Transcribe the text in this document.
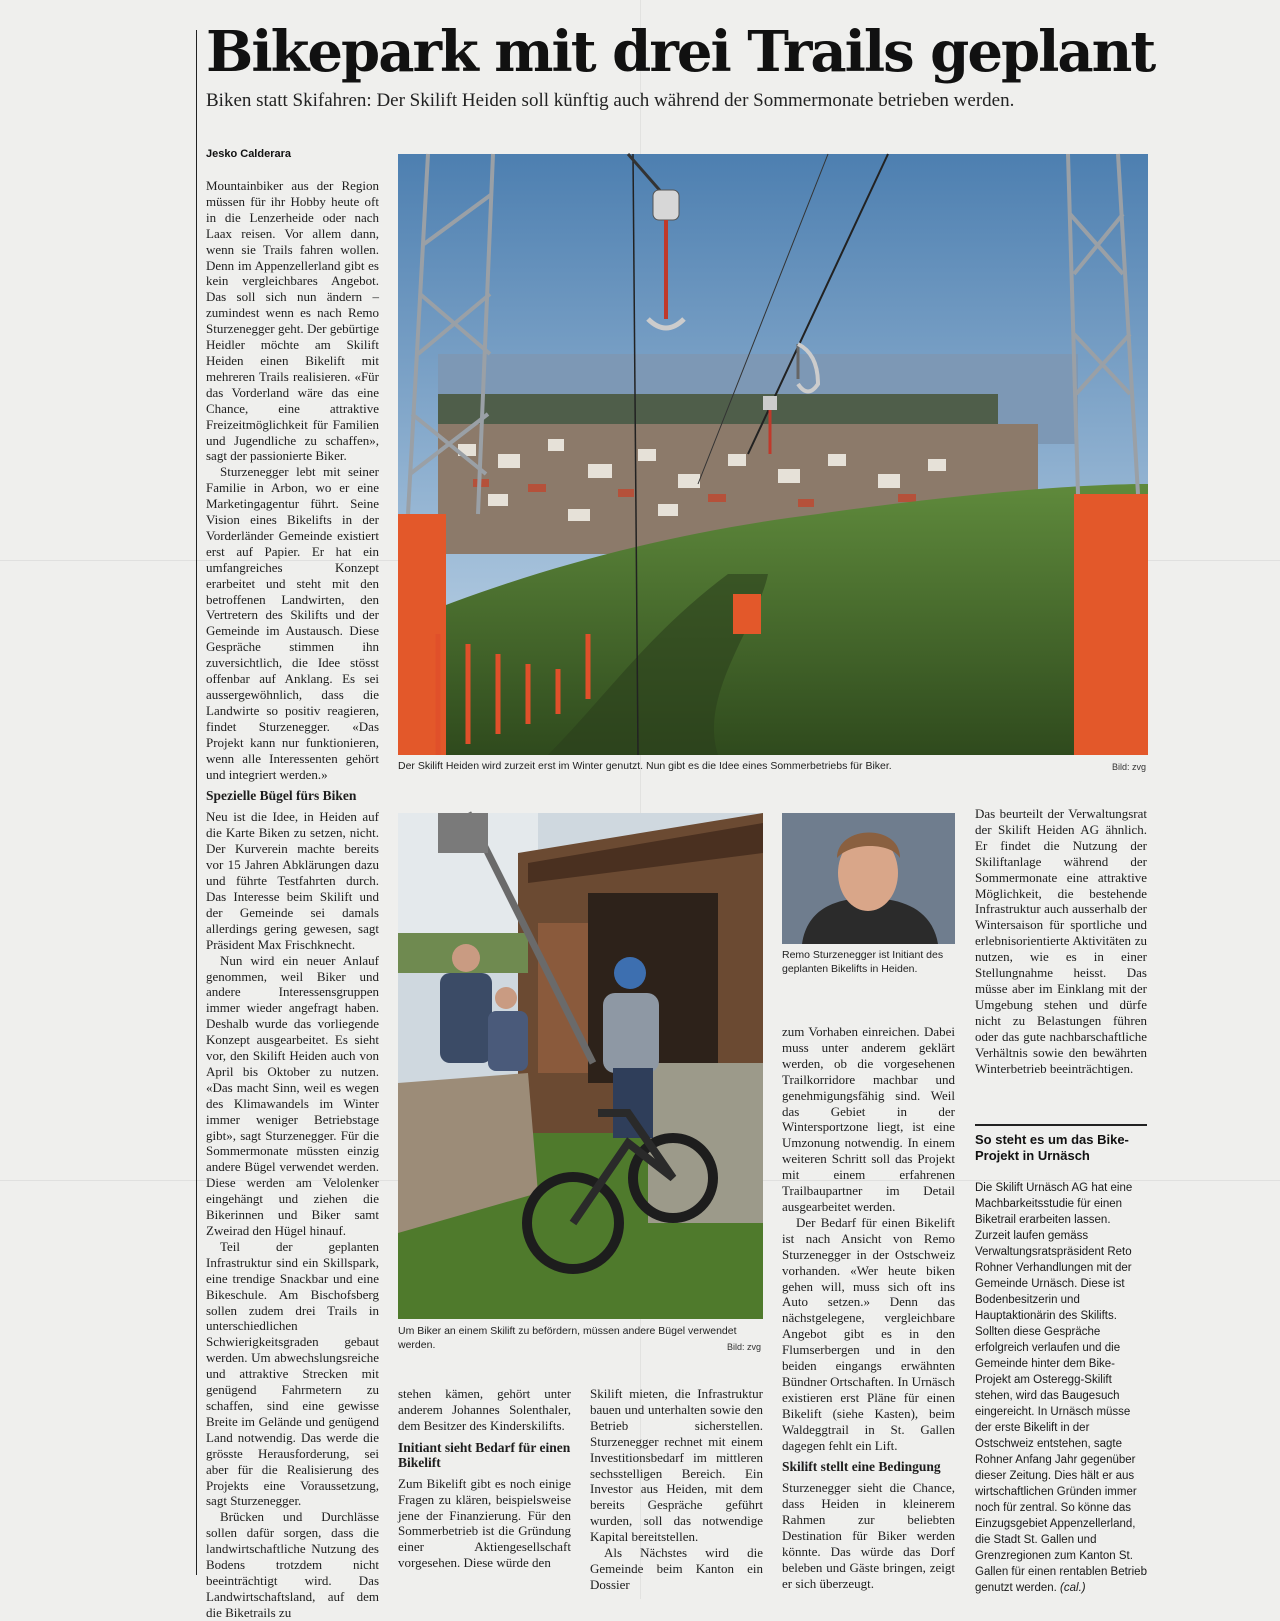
Bikepark mit drei Trails geplant
Biken statt Skifahren: Der Skilift Heiden soll künftig auch während der Sommermonate betrieben werden.
Jesko Calderara

Mountainbiker aus der Region müssen für ihr Hobby heute oft in die Lenzerheide oder nach Laax reisen. Vor allem dann, wenn sie Trails fahren wollen. Denn im Appenzellerland gibt es kein vergleichbares Angebot. Das soll sich nun ändern – zumindest wenn es nach Remo Sturzenegger geht. Der gebürtige Heidler möchte am Skilift Heiden einen Bikelift mit mehreren Trails realisieren. «Für das Vorderland wäre das eine Chance, eine attraktive Freizeitmöglichkeit für Familien und Jugendliche zu schaffen», sagt der passionierte Biker.

Sturzenegger lebt mit seiner Familie in Arbon, wo er eine Marketingagentur führt. Seine Vision eines Bikelifts in der Vorderländer Gemeinde existiert erst auf Papier. Er hat ein umfangreiches Konzept erarbeitet und steht mit den betroffenen Landwirten, den Vertretern des Skilifts und der Gemeinde im Austausch. Diese Gespräche stimmen ihn zuversichtlich, die Idee stösst offenbar auf Anklang. Es sei aussergewöhnlich, dass die Landwirte so positiv reagieren, findet Sturzenegger. «Das Projekt kann nur funktionieren, wenn alle Interessenten gehört und integriert werden.»

Spezielle Bügel fürs Biken

Neu ist die Idee, in Heiden auf die Karte Biken zu setzen, nicht. Der Kurverein machte bereits vor 15 Jahren Abklärungen dazu und führte Testfahrten durch. Das Interesse beim Skilift und der Gemeinde sei damals allerdings gering gewesen, sagt Präsident Max Frischknecht.

Nun wird ein neuer Anlauf genommen, weil Biker und andere Interessensgruppen immer wieder angefragt haben. Deshalb wurde das vorliegende Konzept ausgearbeitet. Es sieht vor, den Skilift Heiden auch von April bis Oktober zu nutzen. «Das macht Sinn, weil es wegen des Klimawandels im Winter immer weniger Betriebstage gibt», sagt Sturzenegger. Für die Sommermonate müssten einzig andere Bügel verwendet werden. Diese werden am Velolenker eingehängt und ziehen die Bikerinnen und Biker samt Zweirad den Hügel hinauf.

Teil der geplanten Infrastruktur sind ein Skillspark, eine trendige Snackbar und eine Bikeschule. Am Bischofsberg sollen zudem drei Trails in unterschiedlichen Schwierigkeitsgraden gebaut werden. Um abwechslungsreiche und attraktive Strecken mit genügend Fahrmetern zu schaffen, sind eine gewisse Breite im Gelände und genügend Land notwendig. Das werde die grösste Herausforderung, sei aber für die Realisierung des Projekts eine Voraussetzung, sagt Sturzenegger.

Brücken und Durchlässe sollen dafür sorgen, dass die landwirtschaftliche Nutzung des Bodens trotzdem nicht beeinträchtigt wird. Das Landwirtschaftsland, auf dem die Biketrails zu

Der Skilift Heiden wird zurzeit erst im Winter genutzt. Nun gibt es die Idee eines Sommerbetriebs für Biker.	Bild: zvg
Um Biker an einem Skilift zu befördern, müssen andere Bügel verwendet werden.	Bild: zvg
Remo Sturzenegger ist Initiant des geplanten Bikelifts in Heiden.

stehen kämen, gehört unter anderem Johannes Solenthaler, dem Besitzer des Kinderskilifts.

Initiant sieht Bedarf für einen Bikelift

Zum Bikelift gibt es noch einige Fragen zu klären, beispielsweise jene der Finanzierung. Für den Sommerbetrieb ist die Gründung einer Aktiengesellschaft vorgesehen. Diese würde den

Skilift mieten, die Infrastruktur bauen und unterhalten sowie den Betrieb sicherstellen. Sturzenegger rechnet mit einem Investitionsbedarf im mittleren sechsstelligen Bereich. Ein Investor aus Heiden, mit dem bereits Gespräche geführt wurden, soll das notwendige Kapital bereitstellen.

Als Nächstes wird die Gemeinde beim Kanton ein Dossier

zum Vorhaben einreichen. Dabei muss unter anderem geklärt werden, ob die vorgesehenen Trailkorridore machbar und genehmigungsfähig sind. Weil das Gebiet in der Wintersportzone liegt, ist eine Umzonung notwendig. In einem weiteren Schritt soll das Projekt mit einem erfahrenen Trailbaupartner im Detail ausgearbeitet werden.

Der Bedarf für einen Bikelift ist nach Ansicht von Remo Sturzenegger in der Ostschweiz vorhanden. «Wer heute biken gehen will, muss sich oft ins Auto setzen.» Denn das nächstgelegene, vergleichbare Angebot gibt es in den Flumserbergen und in den beiden eingangs erwähnten Bündner Ortschaften. In Urnäsch existieren erst Pläne für einen Bikelift (siehe Kasten), beim Waldeggtrail in St. Gallen dagegen fehlt ein Lift.

Skilift stellt eine Bedingung

Sturzenegger sieht die Chance, dass Heiden in kleinerem Rahmen zur beliebten Destination für Biker werden könnte. Das würde das Dorf beleben und Gäste bringen, zeigt er sich überzeugt.

Das beurteilt der Verwaltungsrat der Skilift Heiden AG ähnlich. Er findet die Nutzung der Skiliftanlage während der Sommermonate eine attraktive Möglichkeit, die bestehende Infrastruktur auch ausserhalb der Wintersaison für sportliche und erlebnisorientierte Aktivitäten zu nutzen, wie es in einer Stellungnahme heisst. Das müsse aber im Einklang mit der Umgebung stehen und dürfe nicht zu Belastungen führen oder das gute nachbarschaftliche Verhältnis sowie den bewährten Winterbetrieb beeinträchtigen.

So steht es um das Bike-Projekt in Urnäsch
Die Skilift Urnäsch AG hat eine Machbarkeitsstudie für einen Biketrail erarbeiten lassen. Zurzeit laufen gemäss Verwaltungsratspräsident Reto Rohner Verhandlungen mit der Gemeinde Urnäsch. Diese ist Bodenbesitzerin und Hauptaktionärin des Skilifts. Sollten diese Gespräche erfolgreich verlaufen und die Gemeinde hinter dem Bike-Projekt am Osteregg-Skilift stehen, wird das Baugesuch eingereicht. In Urnäsch müsse der erste Bikelift in der Ostschweiz entstehen, sagte Rohner Anfang Jahr gegenüber dieser Zeitung. Dies hält er aus wirtschaftlichen Gründen immer noch für zentral. So könne das Einzugsgebiet Appenzellerland, die Stadt St. Gallen und Grenzregionen zum Kanton St. Gallen für einen rentablen Betrieb genutzt werden. (cal.)
